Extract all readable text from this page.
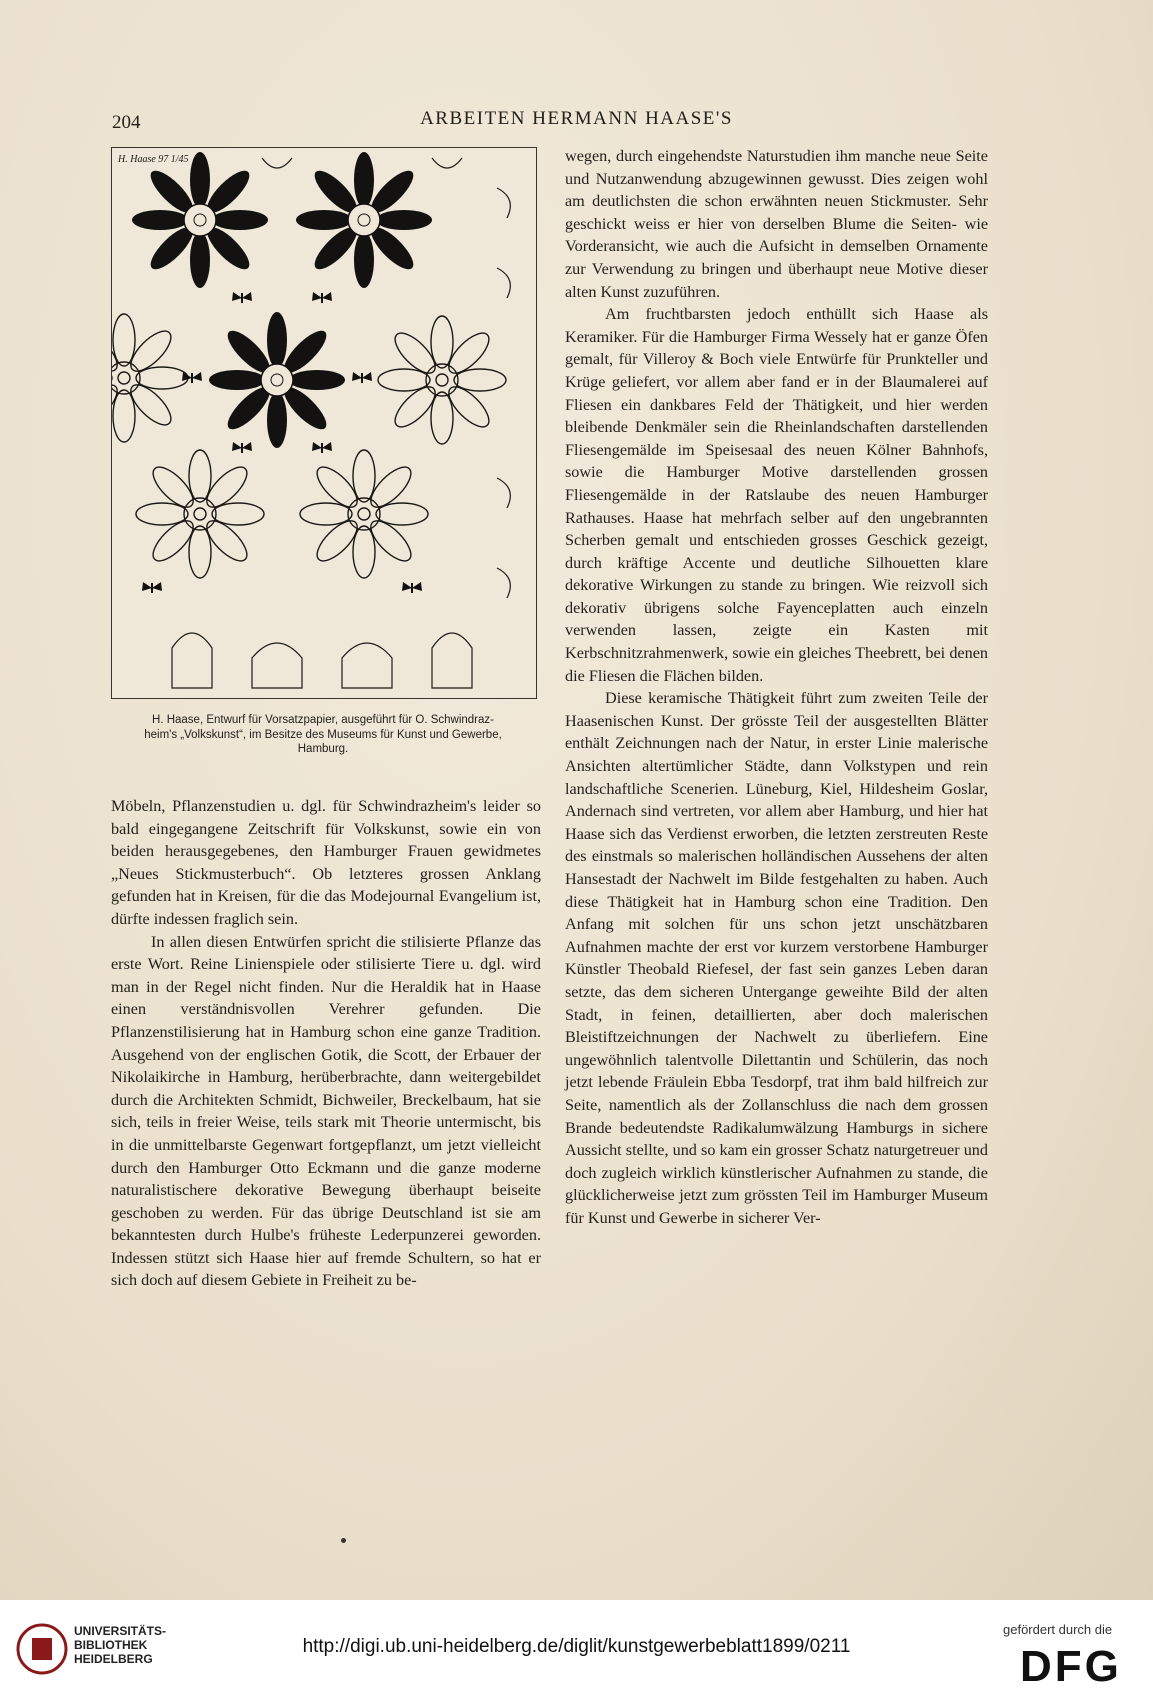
204	ARBEITEN HERMANN HAASE'S
H. Haase 97 1/45
H. Haase, Entwurf für Vorsatzpapier, ausgeführt für O. Schwindraz-
heim's „Volkskunst“, im Besitze des Museums für Kunst und Gewerbe,
Hamburg.

Möbeln, Pflanzenstudien u. dgl. für Schwindrazheim's leider so bald eingegangene Zeitschrift für Volkskunst, sowie ein von beiden herausgegebenes, den Hamburger Frauen gewidmetes „Neues Stickmusterbuch“. Ob letzteres grossen Anklang gefunden hat in Kreisen, für die das Modejournal Evangelium ist, dürfte indessen fraglich sein.

In allen diesen Entwürfen spricht die stilisierte Pflanze das erste Wort. Reine Linienspiele oder stilisierte Tiere u. dgl. wird man in der Regel nicht finden. Nur die Heraldik hat in Haase einen verständnisvollen Verehrer gefunden. Die Pflanzenstilisierung hat in Hamburg schon eine ganze Tradition. Ausgehend von der englischen Gotik, die Scott, der Erbauer der Nikolaikirche in Hamburg, herüberbrachte, dann weitergebildet durch die Architekten Schmidt, Bichweiler, Breckelbaum, hat sie sich, teils in freier Weise, teils stark mit Theorie untermischt, bis in die unmittelbarste Gegenwart fortgepflanzt, um jetzt vielleicht durch den Hamburger Otto Eckmann und die ganze moderne naturalistischere dekorative Bewegung überhaupt beiseite geschoben zu werden. Für das übrige Deutschland ist sie am bekanntesten durch Hulbe's früheste Lederpunzerei geworden. Indessen stützt sich Haase hier auf fremde Schultern, so hat er sich doch auf diesem Gebiete in Freiheit zu be-

wegen, durch eingehendste Naturstudien ihm manche neue Seite und Nutzanwendung abzugewinnen gewusst. Dies zeigen wohl am deutlichsten die schon erwähnten neuen Stickmuster. Sehr geschickt weiss er hier von derselben Blume die Seiten- wie Vorderansicht, wie auch die Aufsicht in demselben Ornamente zur Verwendung zu bringen und überhaupt neue Motive dieser alten Kunst zuzuführen.

Am fruchtbarsten jedoch enthüllt sich Haase als Keramiker. Für die Hamburger Firma Wessely hat er ganze Öfen gemalt, für Villeroy & Boch viele Entwürfe für Prunkteller und Krüge geliefert, vor allem aber fand er in der Blaumalerei auf Fliesen ein dankbares Feld der Thätigkeit, und hier werden bleibende Denkmäler sein die Rheinlandschaften darstellenden Fliesengemälde im Speisesaal des neuen Kölner Bahnhofs, sowie die Hamburger Motive darstellenden grossen Fliesengemälde in der Ratslaube des neuen Hamburger Rathauses. Haase hat mehrfach selber auf den ungebrannten Scherben gemalt und entschieden grosses Geschick gezeigt, durch kräftige Accente und deutliche Silhouetten klare dekorative Wirkungen zu stande zu bringen. Wie reizvoll sich dekorativ übrigens solche Fayenceplatten auch einzeln verwenden lassen, zeigte ein Kasten mit Kerbschnitzrahmenwerk, sowie ein gleiches Theebrett, bei denen die Fliesen die Flächen bilden.

Diese keramische Thätigkeit führt zum zweiten Teile der Haasenischen Kunst. Der grösste Teil der ausgestellten Blätter enthält Zeichnungen nach der Natur, in erster Linie malerische Ansichten altertümlicher Städte, dann Volkstypen und rein landschaftliche Scenerien. Lüneburg, Kiel, Hildesheim Goslar, Andernach sind vertreten, vor allem aber Hamburg, und hier hat Haase sich das Verdienst erworben, die letzten zerstreuten Reste des einstmals so malerischen holländischen Aussehens der alten Hansestadt der Nachwelt im Bilde festgehalten zu haben. Auch diese Thätigkeit hat in Hamburg schon eine Tradition. Den Anfang mit solchen für uns schon jetzt unschätzbaren Aufnahmen machte der erst vor kurzem verstorbene Hamburger Künstler Theobald Riefesel, der fast sein ganzes Leben daran setzte, das dem sicheren Untergange geweihte Bild der alten Stadt, in feinen, detaillierten, aber doch malerischen Bleistiftzeichnungen der Nachwelt zu überliefern. Eine ungewöhnlich talentvolle Dilettantin und Schülerin, das noch jetzt lebende Fräulein Ebba Tesdorpf, trat ihm bald hilfreich zur Seite, namentlich als der Zollanschluss die nach dem grossen Brande bedeutendste Radikalumwälzung Hamburgs in sichere Aussicht stellte, und so kam ein grosser Schatz naturgetreuer und doch zugleich wirklich künstlerischer Aufnahmen zu stande, die glücklicherweise jetzt zum grössten Teil im Hamburger Museum für Kunst und Gewerbe in sicherer Ver-

UNIVERSITÄTS-
BIBLIOTHEK
HEIDELBERG
http://digi.ub.uni-heidelberg.de/diglit/kunstgewerbeblatt1899/0211
gefördert durch die
DFG
